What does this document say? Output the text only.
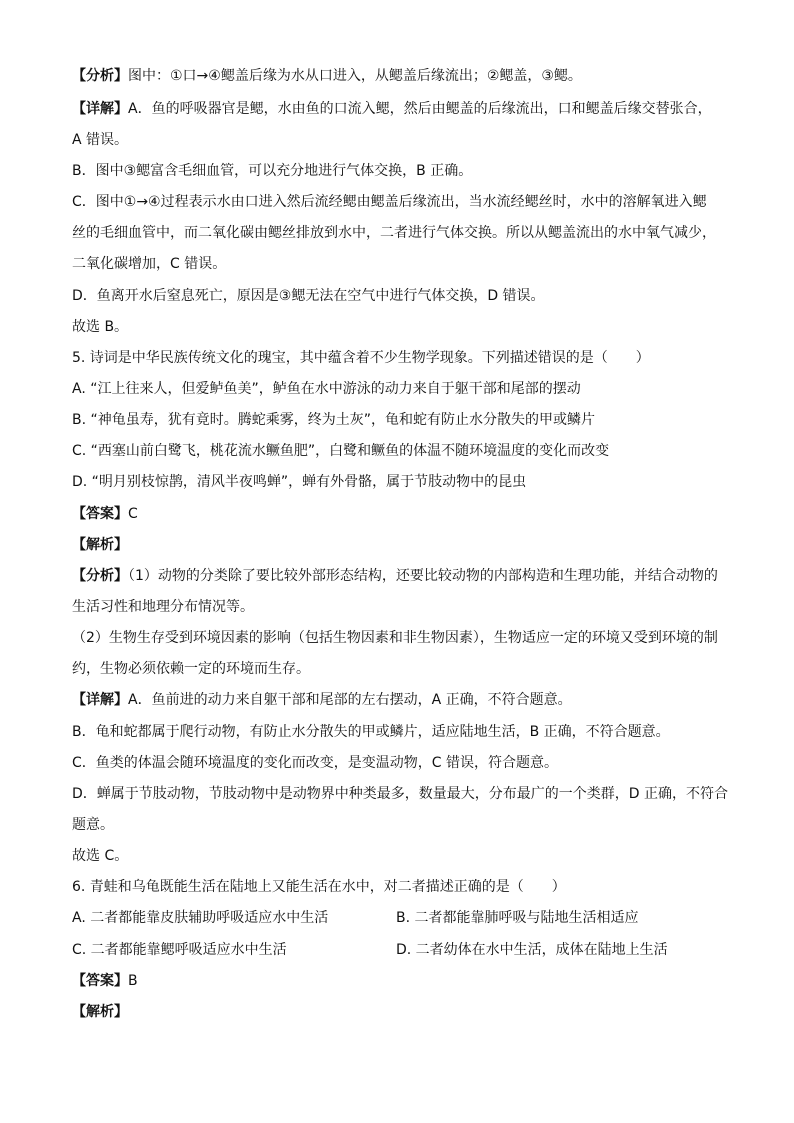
【分析】图中：①口→④鳃盖后缘为水从口进入，从鳃盖后缘流出；②鳃盖，③鳃。
【详解】A．鱼的呼吸器官是鳃，水由鱼的口流入鳃，然后由鳃盖的后缘流出，口和鳃盖后缘交替张合，
A 错误。
B．图中③鳃富含毛细血管，可以充分地进行气体交换，B 正确。
C．图中①→④过程表示水由口进入然后流经鳃由鳃盖后缘流出，当水流经鳃丝时，水中的溶解氧进入鳃
丝的毛细血管中，而二氧化碳由鳃丝排放到水中，二者进行气体交换。所以从鳃盖流出的水中氧气减少，
二氧化碳增加，C 错误。
D．鱼离开水后窒息死亡，原因是③鳃无法在空气中进行气体交换，D 错误。
故选 B。
5. 诗词是中华民族传统文化的瑰宝，其中蕴含着不少生物学现象。下列描述错误的是（　　）
A. “江上往来人，但爱鲈鱼美”，鲈鱼在水中游泳的动力来自于躯干部和尾部的摆动
B. “神龟虽寿，犹有竟时。腾蛇乘雾，终为土灰”，龟和蛇有防止水分散失的甲或鳞片
C. “西塞山前白鹭飞，桃花流水鳜鱼肥”，白鹭和鳜鱼的体温不随环境温度的变化而改变
D. “明月别枝惊鹊，清风半夜鸣蝉”，蝉有外骨骼，属于节肢动物中的昆虫
【答案】C
【解析】
【分析】（1）动物的分类除了要比较外部形态结构，还要比较动物的内部构造和生理功能，并结合动物的
生活习性和地理分布情况等。
（2）生物生存受到环境因素的影响（包括生物因素和非生物因素），生物适应一定的环境又受到环境的制
约，生物必须依赖一定的环境而生存。
【详解】A．鱼前进的动力来自躯干部和尾部的左右摆动，A 正确，不符合题意。
B．龟和蛇都属于爬行动物，有防止水分散失的甲或鳞片，适应陆地生活，B 正确，不符合题意。
C．鱼类的体温会随环境温度的变化而改变，是变温动物，C 错误，符合题意。
D．蝉属于节肢动物，节肢动物中是动物界中种类最多，数量最大，分布最广的一个类群，D 正确，不符合
题意。
故选 C。
6. 青蛙和乌龟既能生活在陆地上又能生活在水中，对二者描述正确的是（　　）
A. 二者都能靠皮肤辅助呼吸适应水中生活	B. 二者都能靠肺呼吸与陆地生活相适应
C. 二者都能靠鳃呼吸适应水中生活	D. 二者幼体在水中生活，成体在陆地上生活
【答案】B
【解析】
